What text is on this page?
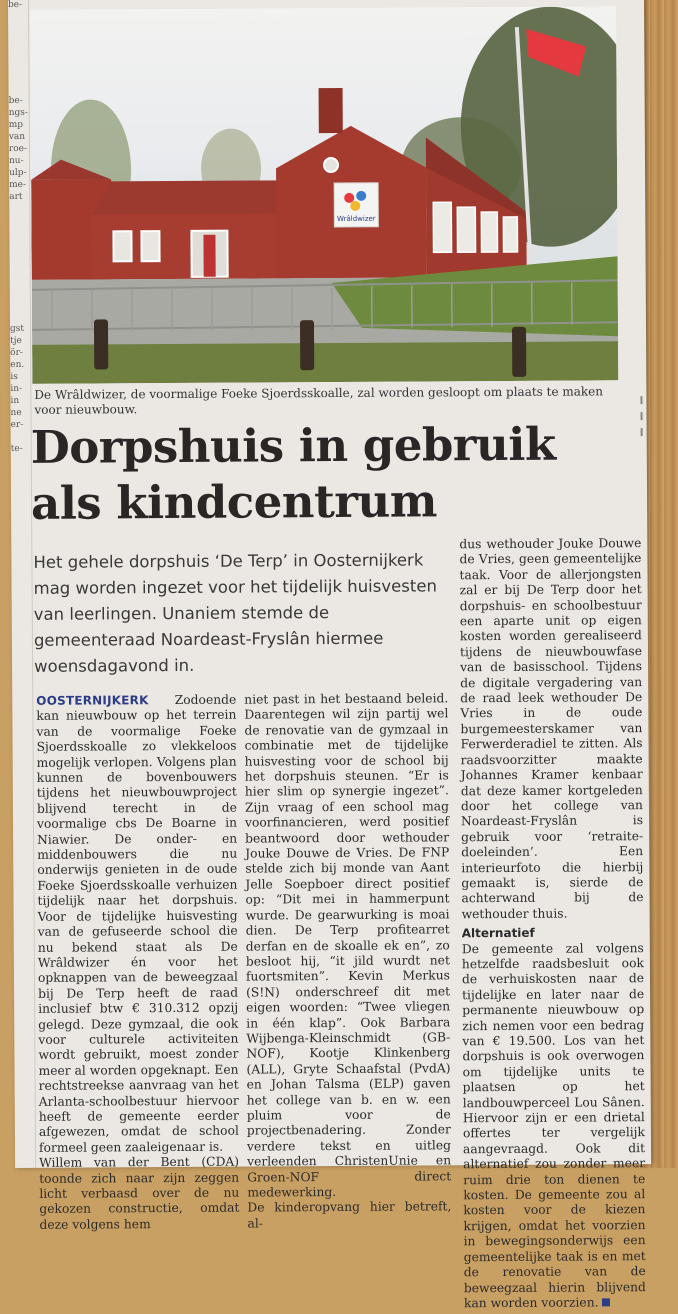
be-
be-
ngs-
mp
van
roe-
nu-
ulp-
me-
art
gst
tje
ör-
en.
is
in-
in
ne
er-
te-
Wrâldwizer
De Wrâldwizer, de voormalige Foeke Sjoerdsskoalle, zal worden gesloopt om plaats te maken voor nieuwbouw.
Dorpshuis in gebruik
als kindcentrum
Het gehele dorpshuis ‘De Terp’ in Oosternijkerk mag worden ingezet voor het tijdelijk huisvesten van leerlingen. Unaniem stemde de gemeenteraad Noardeast-Fryslân hiermee woensdagavond in.
OOSTERNIJKERK Zodoende kan nieuwbouw op het terrein van de voormalige Foeke Sjoerdsskoalle zo vlekkeloos mogelijk verlopen. Volgens plan kunnen de bovenbouwers tijdens het nieuwbouwproject blijvend terecht in de voormalige cbs De Boarne in Niawier. De onder- en middenbouwers die nu onderwijs genieten in de oude Foeke Sjoerdsskoalle verhuizen tijdelijk naar het dorpshuis. Voor de tijdelijke huisvesting van de gefuseerde school die nu bekend staat als De Wrâldwizer én voor het opknappen van de beweegzaal bij De Terp heeft de raad inclusief btw € 310.312 opzij gelegd. Deze gymzaal, die ook voor culturele activiteiten wordt gebruikt, moest zonder meer al worden opgeknapt. Een rechtstreekse aanvraag van het Arlanta-schoolbestuur hiervoor heeft de gemeente eerder afgewezen, omdat de school formeel geen zaaleigenaar is.
Willem van der Bent (CDA) toonde zich naar zijn zeggen licht verbaasd over de nu gekozen constructie, omdat deze volgens hem
niet past in het bestaand beleid. Daarentegen wil zijn partij wel de renovatie van de gymzaal in combinatie met de tijdelijke huisvesting voor de school bij het dorpshuis steunen. “Er is hier slim op synergie ingezet”. Zijn vraag of een school mag voorfinancieren, werd positief beantwoord door wethouder Jouke Douwe de Vries. De FNP stelde zich bij monde van Aant Jelle Soepboer direct positief op: “Dit mei in hammerpunt wurde. De gearwurking is moai dien. De Terp profitearret derfan en de skoalle ek en”, zo besloot hij, “it jild wurdt net fuortsmiten”. Kevin Merkus (S!N) onderschreef dit met eigen woorden: “Twee vliegen in één klap”. Ook Barbara Wijbenga-Kleinschmidt (GB-NOF), Kootje Klinkenberg (ALL), Gryte Schaafstal (PvdA) en Johan Talsma (ELP) gaven het college van b. en w. een pluim voor de projectbenadering. Zonder verdere tekst en uitleg verleenden ChristenUnie en Groen-NOF direct medewerking.
De kinderopvang hier betreft, al-
dus wethouder Jouke Douwe de Vries, geen gemeentelijke taak. Voor de allerjongsten zal er bij De Terp door het dorpshuis- en schoolbestuur een aparte unit op eigen kosten worden gerealiseerd tijdens de nieuwbouwfase van de basisschool. Tijdens de digitale vergadering van de raad leek wethouder De Vries in de oude burgemeesterskamer van Ferwerderadiel te zitten. Als raadsvoorzitter maakte Johannes Kramer kenbaar dat deze kamer kortgeleden door het college van Noardeast-Fryslân is gebruik voor ‘retraite-doeleinden’. Een interieurfoto die hierbij gemaakt is, sierde de achterwand bij de wethouder thuis.
Alternatief
De gemeente zal volgens hetzelfde raadsbesluit ook de verhuiskosten naar de tijdelijke en later naar de permanente nieuwbouw op zich nemen voor een bedrag van € 19.500. Los van het dorpshuis is ook overwogen om tijdelijke units te plaatsen op het landbouwperceel Lou Sânen. Hiervoor zijn er een drietal offertes ter vergelijk aangevraagd. Ook dit alternatief zou zonder meer ruim drie ton dienen te kosten. De gemeente zou al kosten voor de kiezen krijgen, omdat het voorzien in bewegingsonderwijs een gemeentelijke taak is en met de renovatie van de beweegzaal hierin blijvend kan worden voorzien.
